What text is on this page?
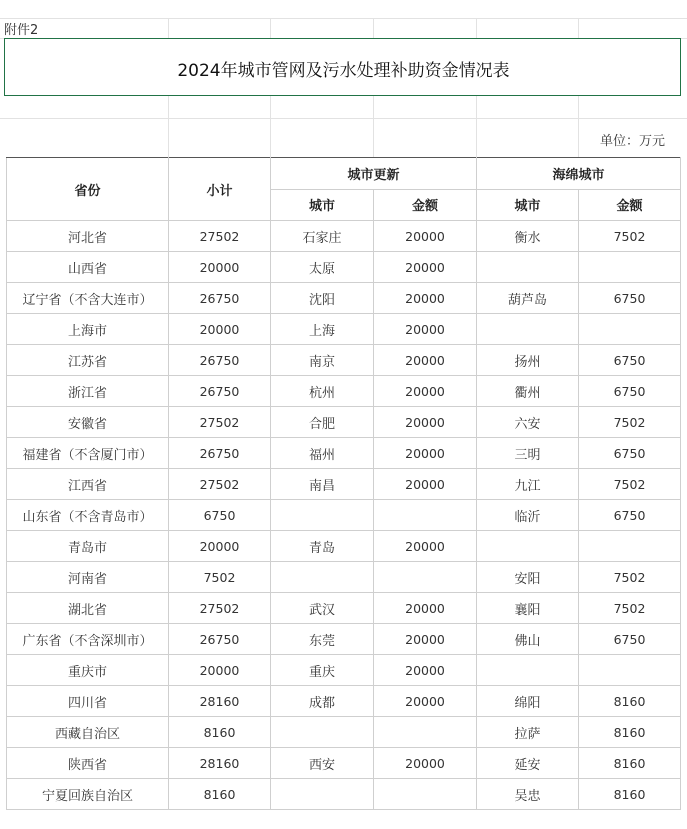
附件2
2024年城市管网及污水处理补助资金情况表
单位：万元
省份	小计	城市更新		海绵城市	
		城市	金额	城市	金额
河北省	27502	石家庄	20000	衡水	7502
山西省	20000	太原	20000		
辽宁省（不含大连市）	26750	沈阳	20000	葫芦岛	6750
上海市	20000	上海	20000		
江苏省	26750	南京	20000	扬州	6750
浙江省	26750	杭州	20000	衢州	6750
安徽省	27502	合肥	20000	六安	7502
福建省（不含厦门市）	26750	福州	20000	三明	6750
江西省	27502	南昌	20000	九江	7502
山东省（不含青岛市）	6750			临沂	6750
青岛市	20000	青岛	20000		
河南省	7502			安阳	7502
湖北省	27502	武汉	20000	襄阳	7502
广东省（不含深圳市）	26750	东莞	20000	佛山	6750
重庆市	20000	重庆	20000		
四川省	28160	成都	20000	绵阳	8160
西藏自治区	8160			拉萨	8160
陕西省	28160	西安	20000	延安	8160
宁夏回族自治区	8160			吴忠	8160
